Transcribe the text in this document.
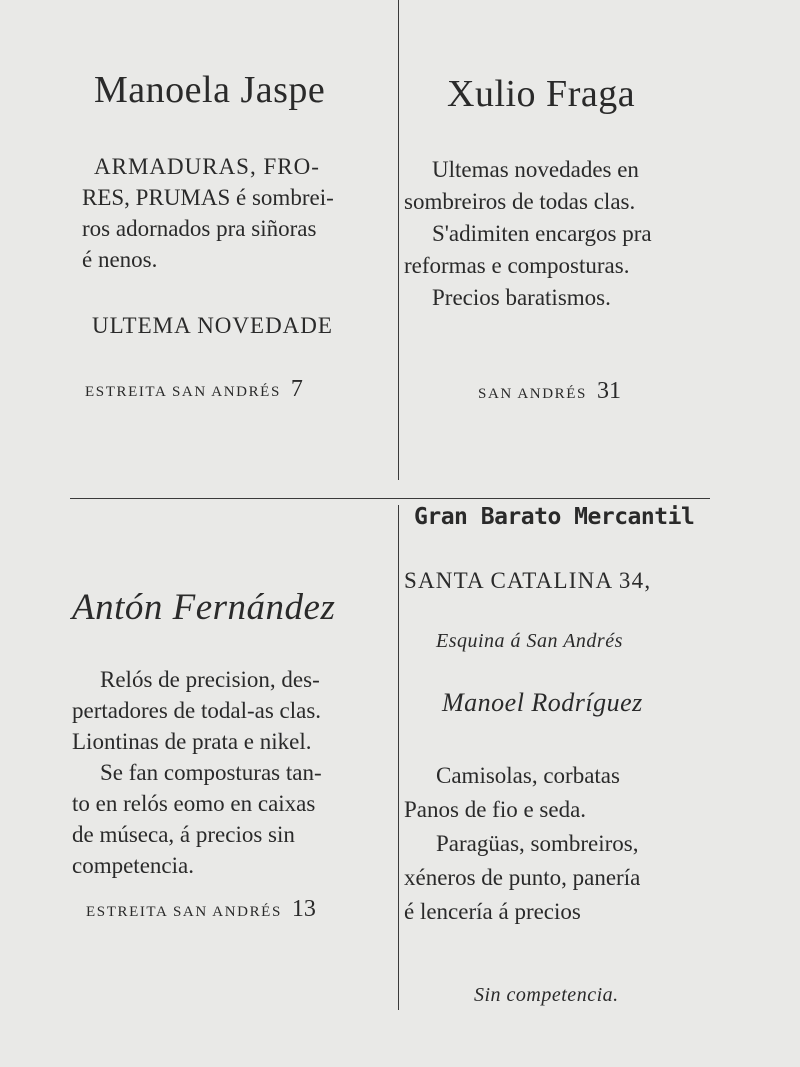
Manoela Jaspe
ARMADURAS, FRO-
RES, PRUMAS é sombrei-
ros adornados pra siñoras
é nenos.
ULTEMA NOVEDADE
ESTREITA SAN ANDRÉS 7
Xulio Fraga
Ultemas novedades en
sombreiros de todas clas.
S'adimiten encargos pra
reformas e composturas.
Precios baratismos.
SAN ANDRÉS 31
Antón Fernández
Relós de precision, des-
pertadores de todal-as clas.
Liontinas de prata e nikel.
Se fan composturas tan-
to en relós eomo en caixas
de múseca, á precios sin
competencia.
ESTREITA SAN ANDRÉS 13
Gran Barato Mercantil
SANTA CATALINA 34,
Esquina á San Andrés
Manoel Rodríguez
Camisolas, corbatas
Panos de fio e seda.
Paragüas, sombreiros,
xéneros de punto, panería
é lencería á precios
Sin competencia.
